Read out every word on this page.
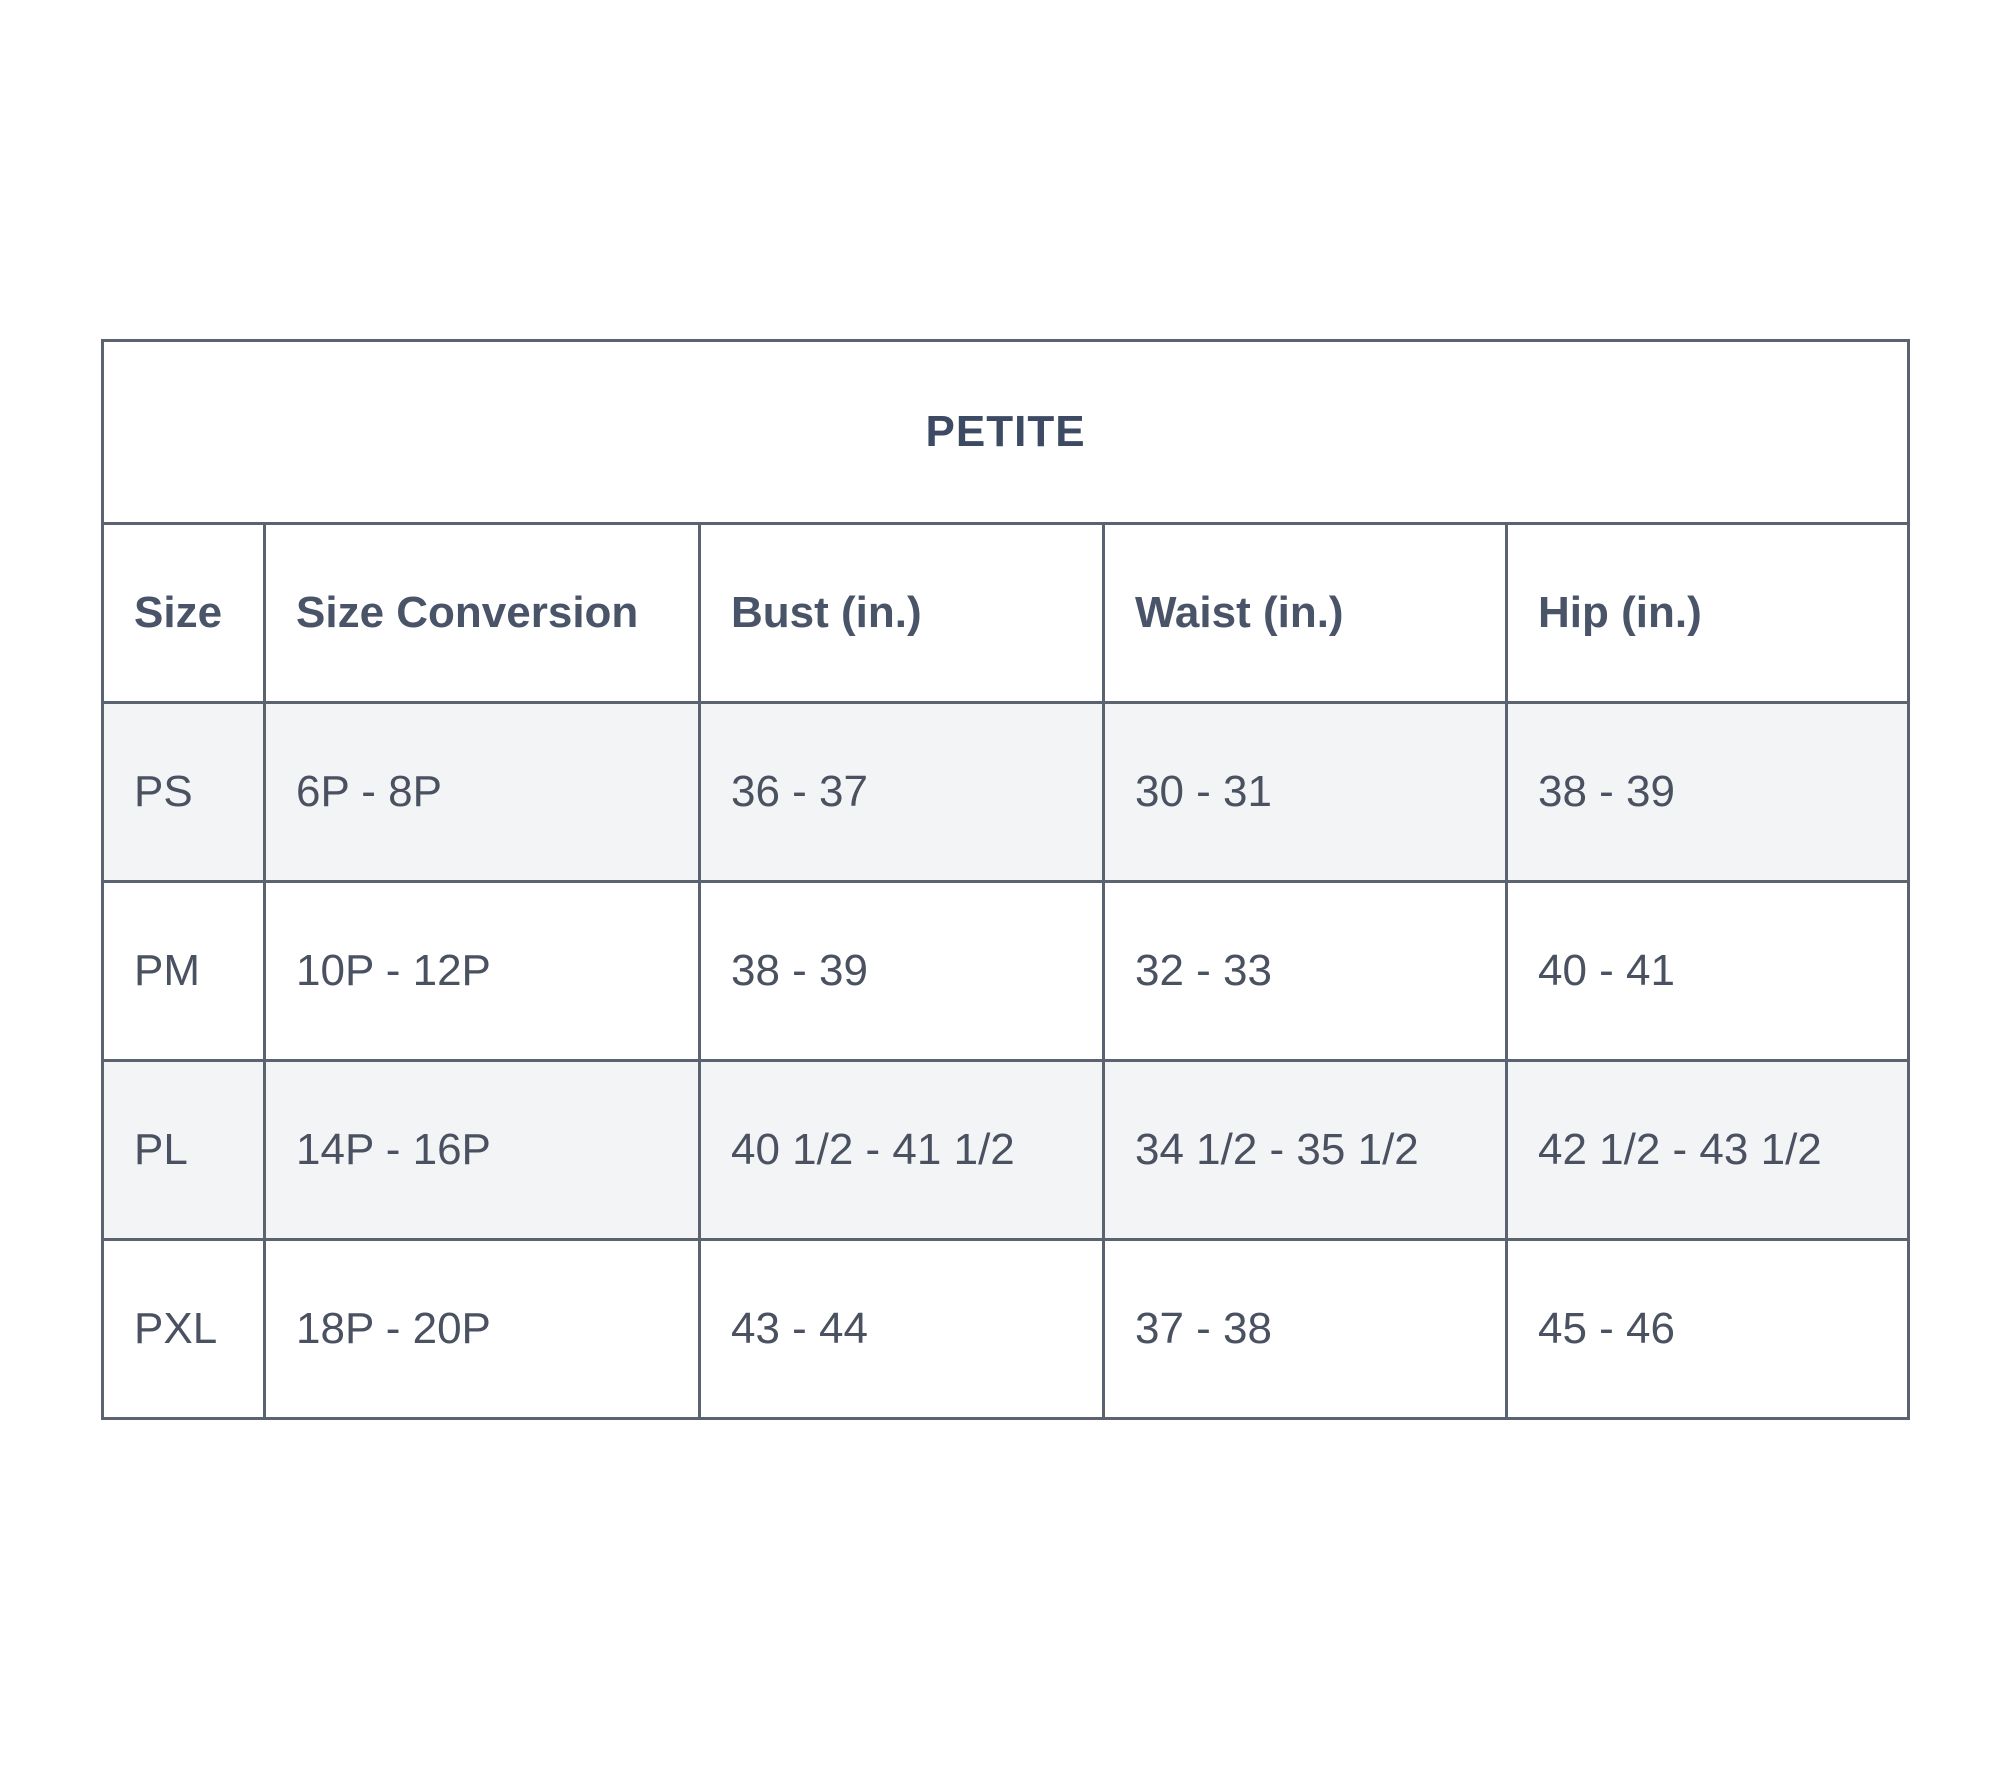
PETITE				
Size	Size Conversion	Bust (in.)	Waist (in.)	Hip (in.)
PS	6P - 8P	36 - 37	30 - 31	38 - 39
PM	10P - 12P	38 - 39	32 - 33	40 - 41
PL	14P - 16P	40 1/2 - 41 1/2	34 1/2 - 35 1/2	42 1/2 - 43 1/2
PXL	18P - 20P	43 - 44	37 - 38	45 - 46
